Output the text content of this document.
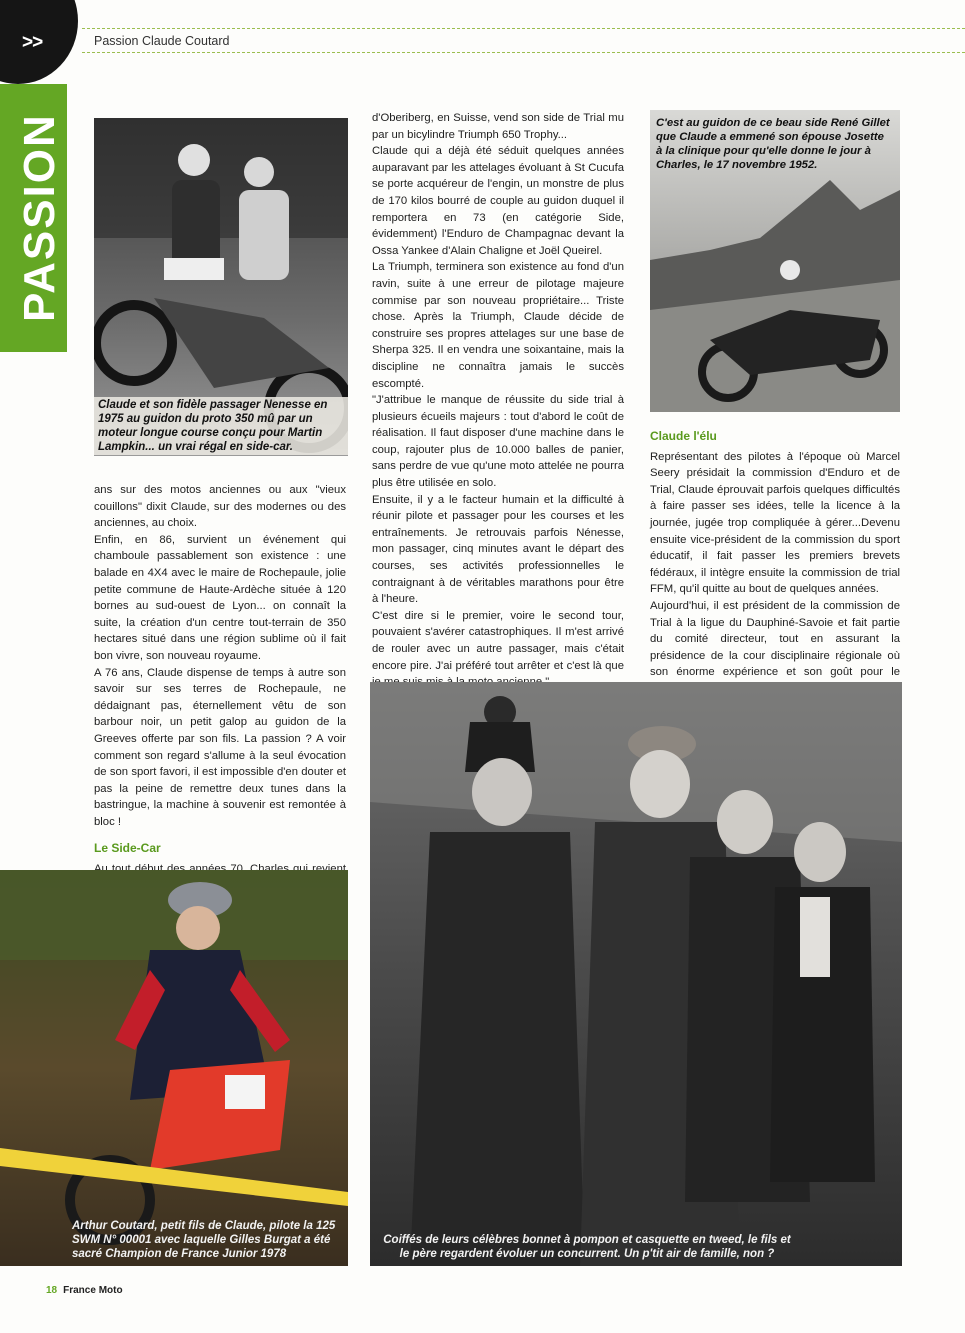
>>	Passion Claude Coutard
PASSION
Claude et son fidèle passager Nenesse en 1975 au guidon du proto 350 mû par un moteur longue course conçu pour Martin Lampkin... un vrai régal en side-car.
C'est au guidon de ce beau side René Gillet que Claude a emmené son épouse Josette à la clinique pour qu'elle donne le jour à Charles, le 17 novembre 1952.

ans sur des motos anciennes ou aux "vieux couillons" dixit Claude, sur des modernes ou des anciennes, au choix.

Enfin, en 86, survient un événement qui chamboule passablement son existence : une balade en 4X4 avec le maire de Rochepaule, jolie petite commune de Haute-Ardèche située à 120 bornes au sud-ouest de Lyon... on connaît la suite, la création d'un centre tout-terrain de 350 hectares situé dans une région sublime où il fait bon vivre, son nouveau royaume.

A 76 ans, Claude dispense de temps à autre son savoir sur ses terres de Rochepaule, ne dédaignant pas, éternellement vêtu de son barbour noir, un petit galop au guidon de la Greeves offerte par son fils. La passion ? A voir comment son regard s'allume à la seul évocation de son sport favori, il est impossible d'en douter et pas la peine de remettre deux tunes dans la bastringue, la machine à souvenir est remontée à bloc !

Le Side-Car

d'Oberiberg, en Suisse, vend son side de Trial mu par un bicylindre Triumph 650 Trophy...

Claude qui a déjà été séduit quelques années auparavant par les attelages évoluant à St Cucufa se porte acquéreur de l'engin, un monstre de plus de 170 kilos bourré de couple au guidon duquel il remportera en 73 (en catégorie Side, évidemment) l'Enduro de Champagnac devant la Ossa Yankee d'Alain Chaligne et Joël Queirel.

La Triumph, terminera son existence au fond d'un ravin, suite à une erreur de pilotage majeure commise par son nouveau propriétaire... Triste chose. Après la Triumph, Claude décide de construire ses propres attelages sur une base de Sherpa 325. Il en vendra une soixantaine, mais la discipline ne connaîtra jamais le succès escompté.

"J'attribue le manque de réussite du side trial à plusieurs écueils majeurs : tout d'abord le coût de réalisation. Il faut disposer d'une machine dans le coup, rajouter plus de 10.000 balles de panier, sans perdre de vue qu'une moto attelée ne pourra plus être utilisée en solo.

Ensuite, il y a le facteur humain et la difficulté à réunir pilote et passager pour les courses et les entraînements. Je retrouvais parfois Nénesse, mon passager, cinq minutes avant le départ des courses, ses activités professionnelles le contraignant à de véritables marathons pour être à l'heure.

C'est dire si le premier, voire le second tour, pouvaient s'avérer catastrophiques. Il m'est arrivé de rouler avec un autre passager, mais c'était encore pire. J'ai préféré tout arrêter et c'est là que

Claude l'élu

Représentant des pilotes à l'époque où Marcel Seery présidait la commission d'Enduro et de Trial, Claude éprouvait parfois quelques difficultés à faire passer ses idées, telle la licence à la journée, jugée trop compliquée à gérer...Devenu ensuite vice-président de la commission du sport éducatif, il fait passer les premiers brevets fédéraux, il intègre ensuite la commission de trial FFM, qu'il quitte au bout de quelques années.

Aujourd'hui, il est président de la commission de Trial à la ligue du Dauphiné-Savoie et fait partie du comité directeur, tout en assurant la présidence de la cour disciplinaire régionale où son énorme expérience et son goût pour le

Arthur Coutard, petit fils de Claude, pilote la 125 SWM N° 00001 avec laquelle Gilles Burgat a été sacré Champion de France Junior 1978
Coiffés de leurs célèbres bonnet à pompon et casquette en tweed, le fils et le père regardent évoluer un concurrent. Un p'tit air de famille, non ?
18 France Moto
